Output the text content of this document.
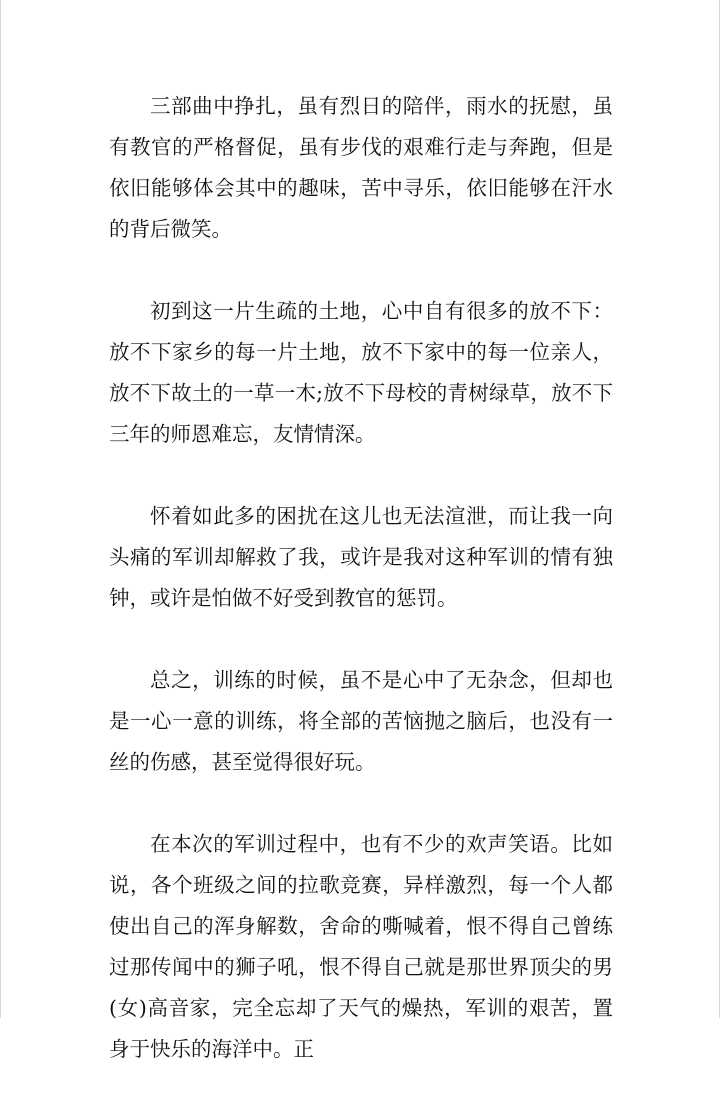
三部曲中挣扎，虽有烈日的陪伴，雨水的抚慰，虽有教官的严格督促，虽有步伐的艰难行走与奔跑，但是依旧能够体会其中的趣味，苦中寻乐，依旧能够在汗水的背后微笑。

初到这一片生疏的土地，心中自有很多的放不下：放不下家乡的每一片土地，放不下家中的每一位亲人，放不下故土的一草一木;放不下母校的青树绿草，放不下三年的师恩难忘，友情情深。

怀着如此多的困扰在这儿也无法渲泄，而让我一向头痛的军训却解救了我，或许是我对这种军训的情有独钟，或许是怕做不好受到教官的惩罚。

总之，训练的时候，虽不是心中了无杂念，但却也是一心一意的训练，将全部的苦恼抛之脑后，也没有一丝的伤感，甚至觉得很好玩。

在本次的军训过程中，也有不少的欢声笑语。比如说，各个班级之间的拉歌竞赛，异样激烈，每一个人都使出自己的浑身解数，舍命的嘶喊着，恨不得自己曾练过那传闻中的狮子吼，恨不得自己就是那世界顶尖的男(女)高音家，完全忘却了天气的燥热，军训的艰苦，置身于快乐的海洋中。正
